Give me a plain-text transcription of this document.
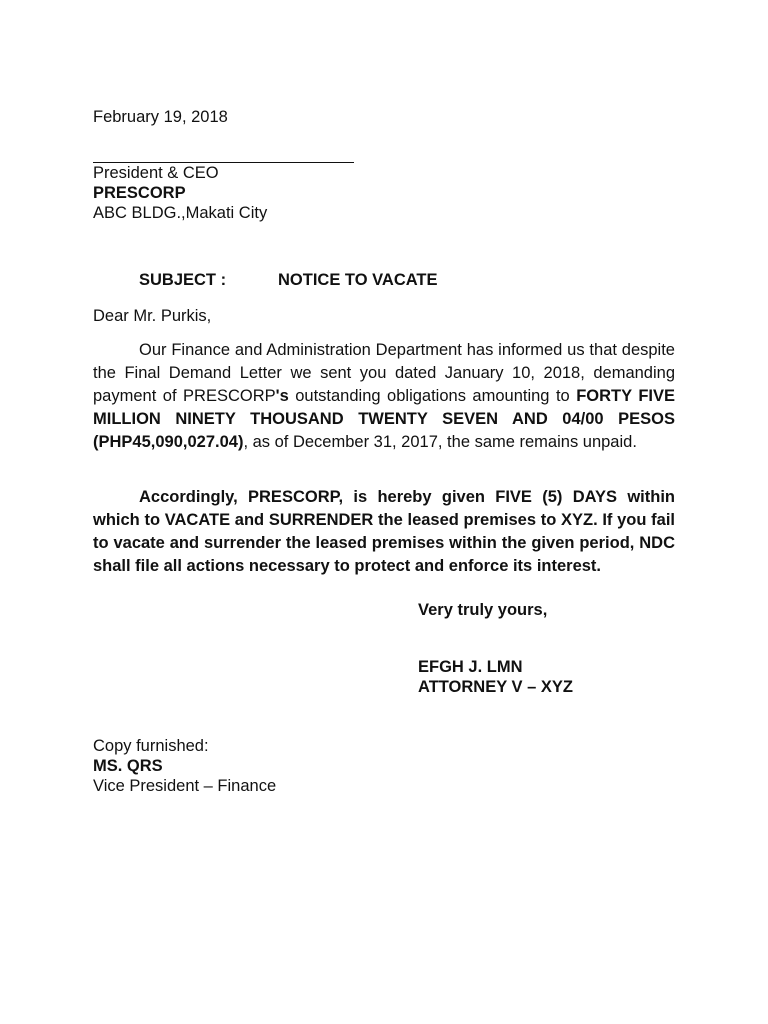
February 19, 2018
President & CEO
PRESCORP
ABC BLDG.,Makati City
SUBJECT :	NOTICE TO VACATE
Dear Mr. Purkis,
Our Finance and Administration Department has informed us that despite the Final Demand Letter we sent you dated January 10, 2018, demanding payment of PRESCORP's outstanding obligations amounting to FORTY FIVE MILLION NINETY THOUSAND TWENTY SEVEN AND 04/00 PESOS (PHP45,090,027.04), as of December 31, 2017, the same remains unpaid.
Accordingly, PRESCORP, is hereby given FIVE (5) DAYS within which to VACATE and SURRENDER the leased premises to XYZ. If you fail to vacate and surrender the leased premises within the given period, NDC shall file all actions necessary to protect and enforce its interest.
Very truly yours,
EFGH J. LMN
ATTORNEY V – XYZ
Copy furnished:
MS. QRS
Vice President – Finance
